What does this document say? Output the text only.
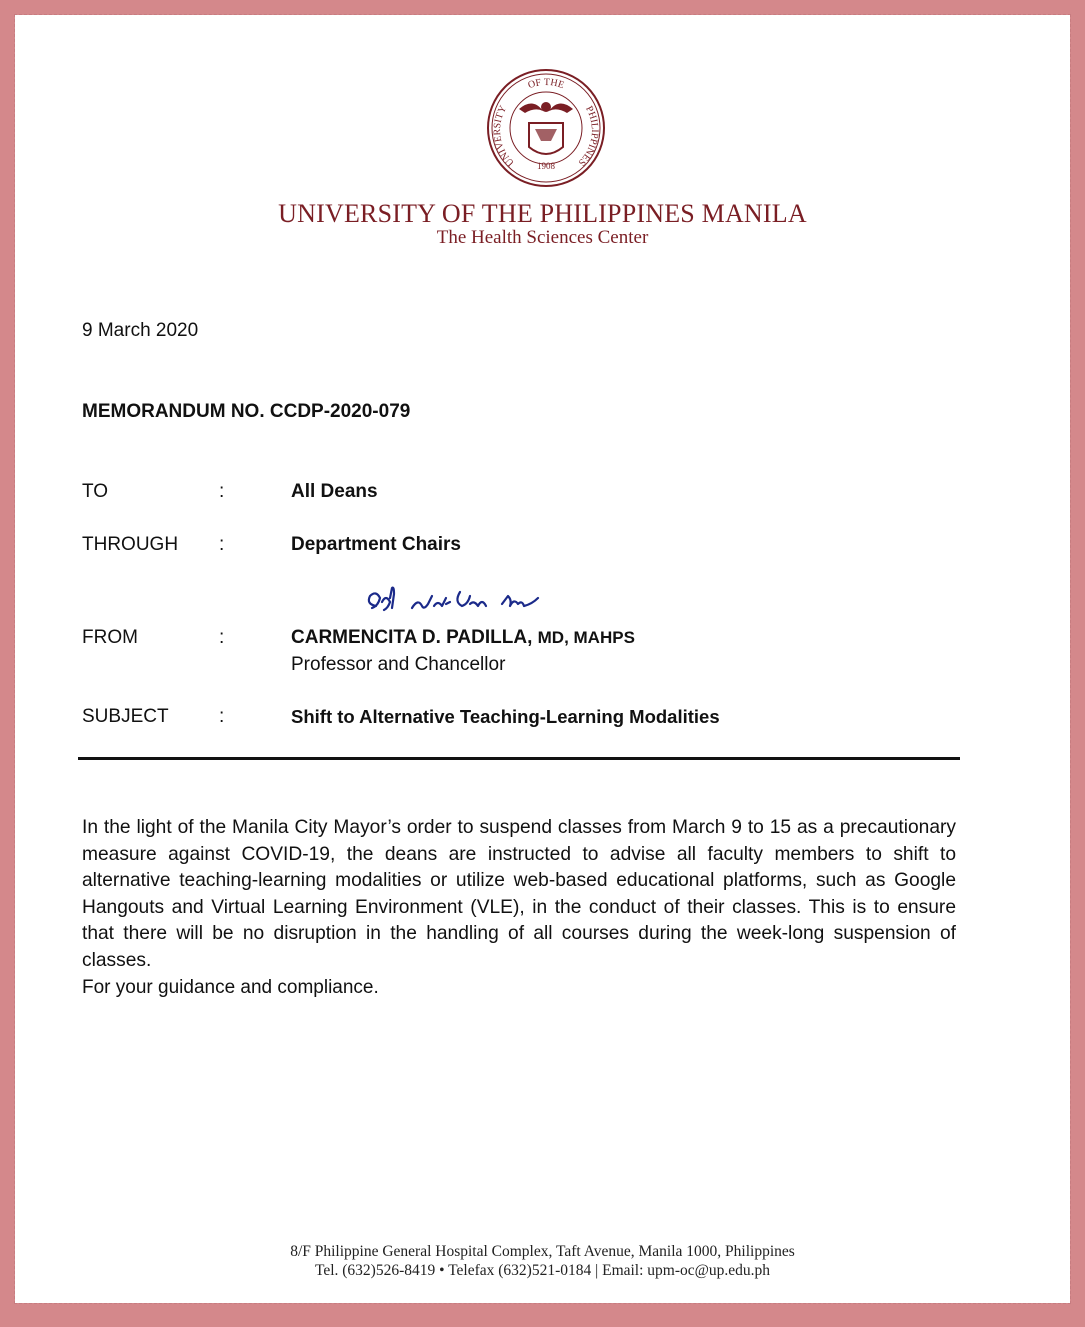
OF THE
UNIVERSITY	PHILIPPINES
1908
UNIVERSITY OF THE PHILIPPINES MANILA
The Health Sciences Center
9 March 2020
MEMORANDUM NO. CCDP-2020-079
TO	:	All Deans
THROUGH :	Department Chairs
FROM	:	CARMENCITA D. PADILLA, MD, MAHPS
Professor and Chancellor
SUBJECT	:	Shift to Alternative Teaching-Learning Modalities
In the light of the Manila City Mayor’s order to suspend classes from March 9 to 15 as a precautionary measure against COVID-19, the deans are instructed to advise all faculty members to shift to alternative teaching-learning modalities or utilize web-based educational platforms, such as Google Hangouts and Virtual Learning Environment (VLE), in the conduct of their classes. This is to ensure that there will be no disruption in the handling of all courses during the week-long suspension of classes.
For your guidance and compliance.
8/F Philippine General Hospital Complex, Taft Avenue, Manila 1000, Philippines
Tel. (632)526-8419 • Telefax (632)521-0184 | Email: upm-oc@up.edu.ph
